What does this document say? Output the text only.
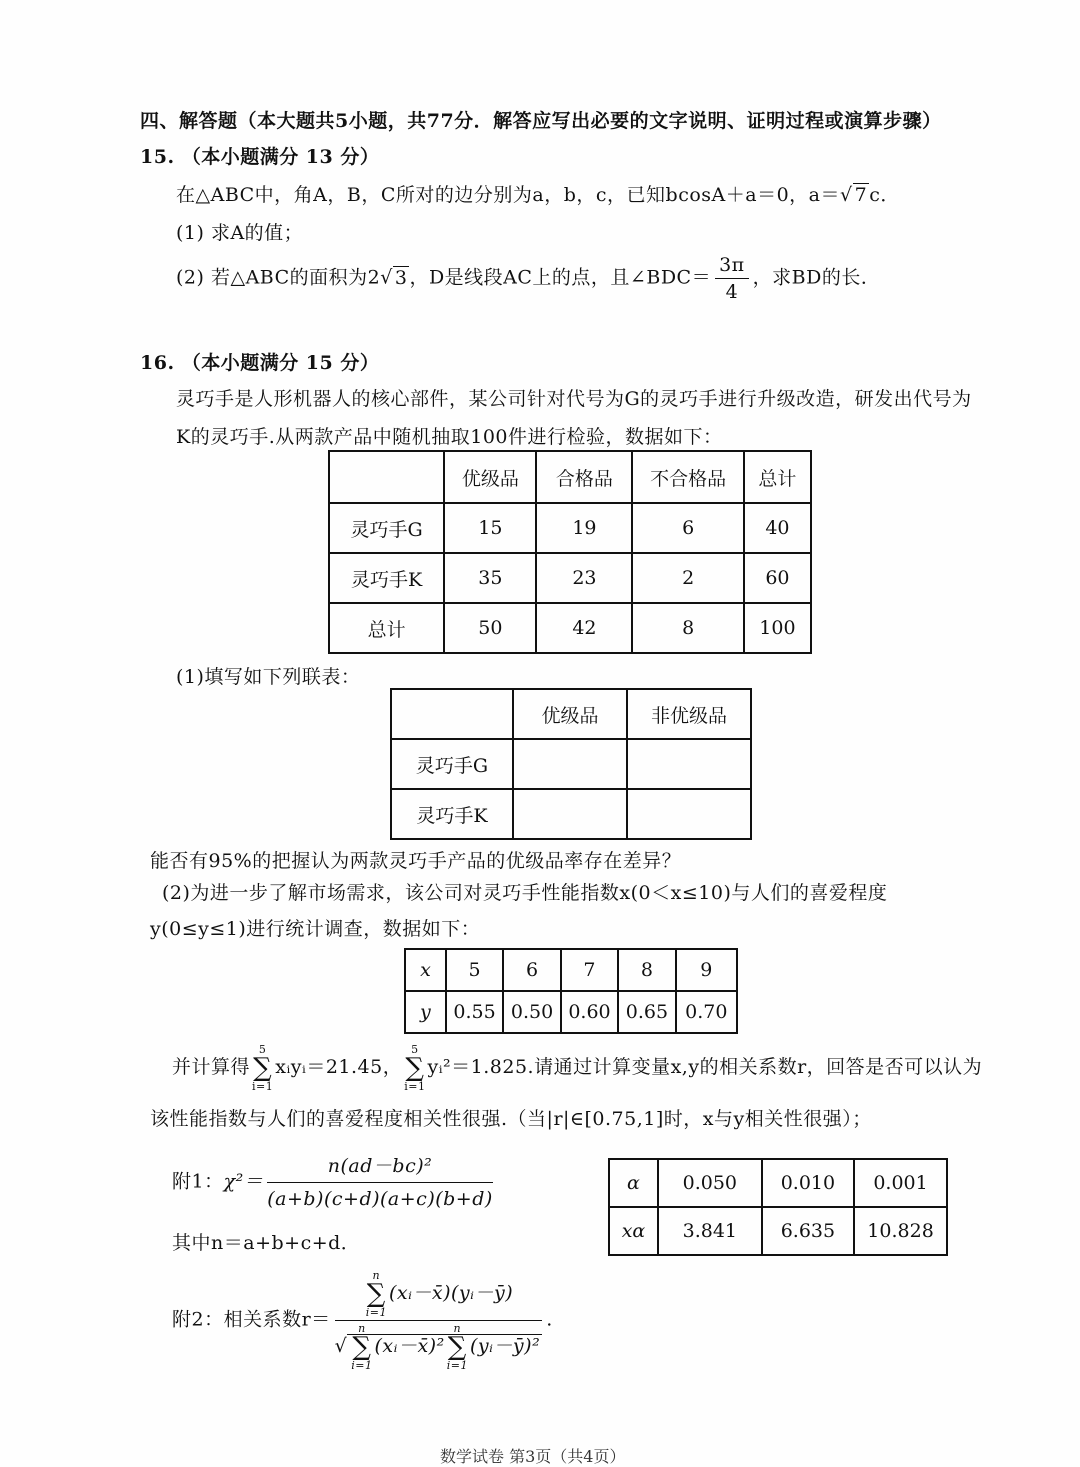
四、解答题（本大题共5小题，共77分．解答应写出必要的文字说明、证明过程或演算步骤）
15. （本小题满分 13 分）
在△ABC中，角A，B，C所对的边分别为a，b，c，已知bcosA＋a＝0，a＝√ 7 c．
(1) 求A的值；
(2) 若△ABC的面积为2√ 3 ，D是线段AC上的点，且∠BDC＝ $\frac{3\pi}{4}$ ，求BD的长．
16. （本小题满分 15 分）
灵巧手是人形机器人的核心部件，某公司针对代号为G的灵巧手进行升级改造，研发出代号为
K的灵巧手.从两款产品中随机抽取100件进行检验，数据如下：
	优级品	合格品	不合格品	总计
灵巧手G	15	19	6	40
灵巧手K	35	23	2	60
总计	50	42	8	100
(1)填写如下列联表：
	优级品	非优级品
灵巧手G		
灵巧手K		
能否有95%的把握认为两款灵巧手产品的优级品率存在差异？
(2)为进一步了解市场需求，该公司对灵巧手性能指数x(0＜x≤10)与人们的喜爱程度
y(0≤y≤1)进行统计调查，数据如下：
x	5	6	7	8	9
y	0.55	0.50	0.60	0.65	0.70
并计算得
5
∑
i=1
xᵢyᵢ＝21.45，
5
∑
i=1
yᵢ²＝1.825.请通过计算变量x,y的相关系数r，回答是否可以认为
该性能指数与人们的喜爱程度相关性很强.（当|r|∈[0.75,1]时，x与y相关性很强）；
附1：$\chi^2= \frac{\text{n(ad－bc)²}}{(a+b)(c+d)(a+c)(b+d)}$
其中n＝a+b+c+d．
α	0.050	0.010	0.001
xα	3.841	6.635	10.828
附2：相关系数r＝ n
∑
i=1
(xᵢ－x̄)(yᵢ－ȳ)
√
n
∑
i=1
(xᵢ－x̄)²
n
∑
i=1
(yᵢ－ȳ)² .
数学试卷 第3页（共4页）
